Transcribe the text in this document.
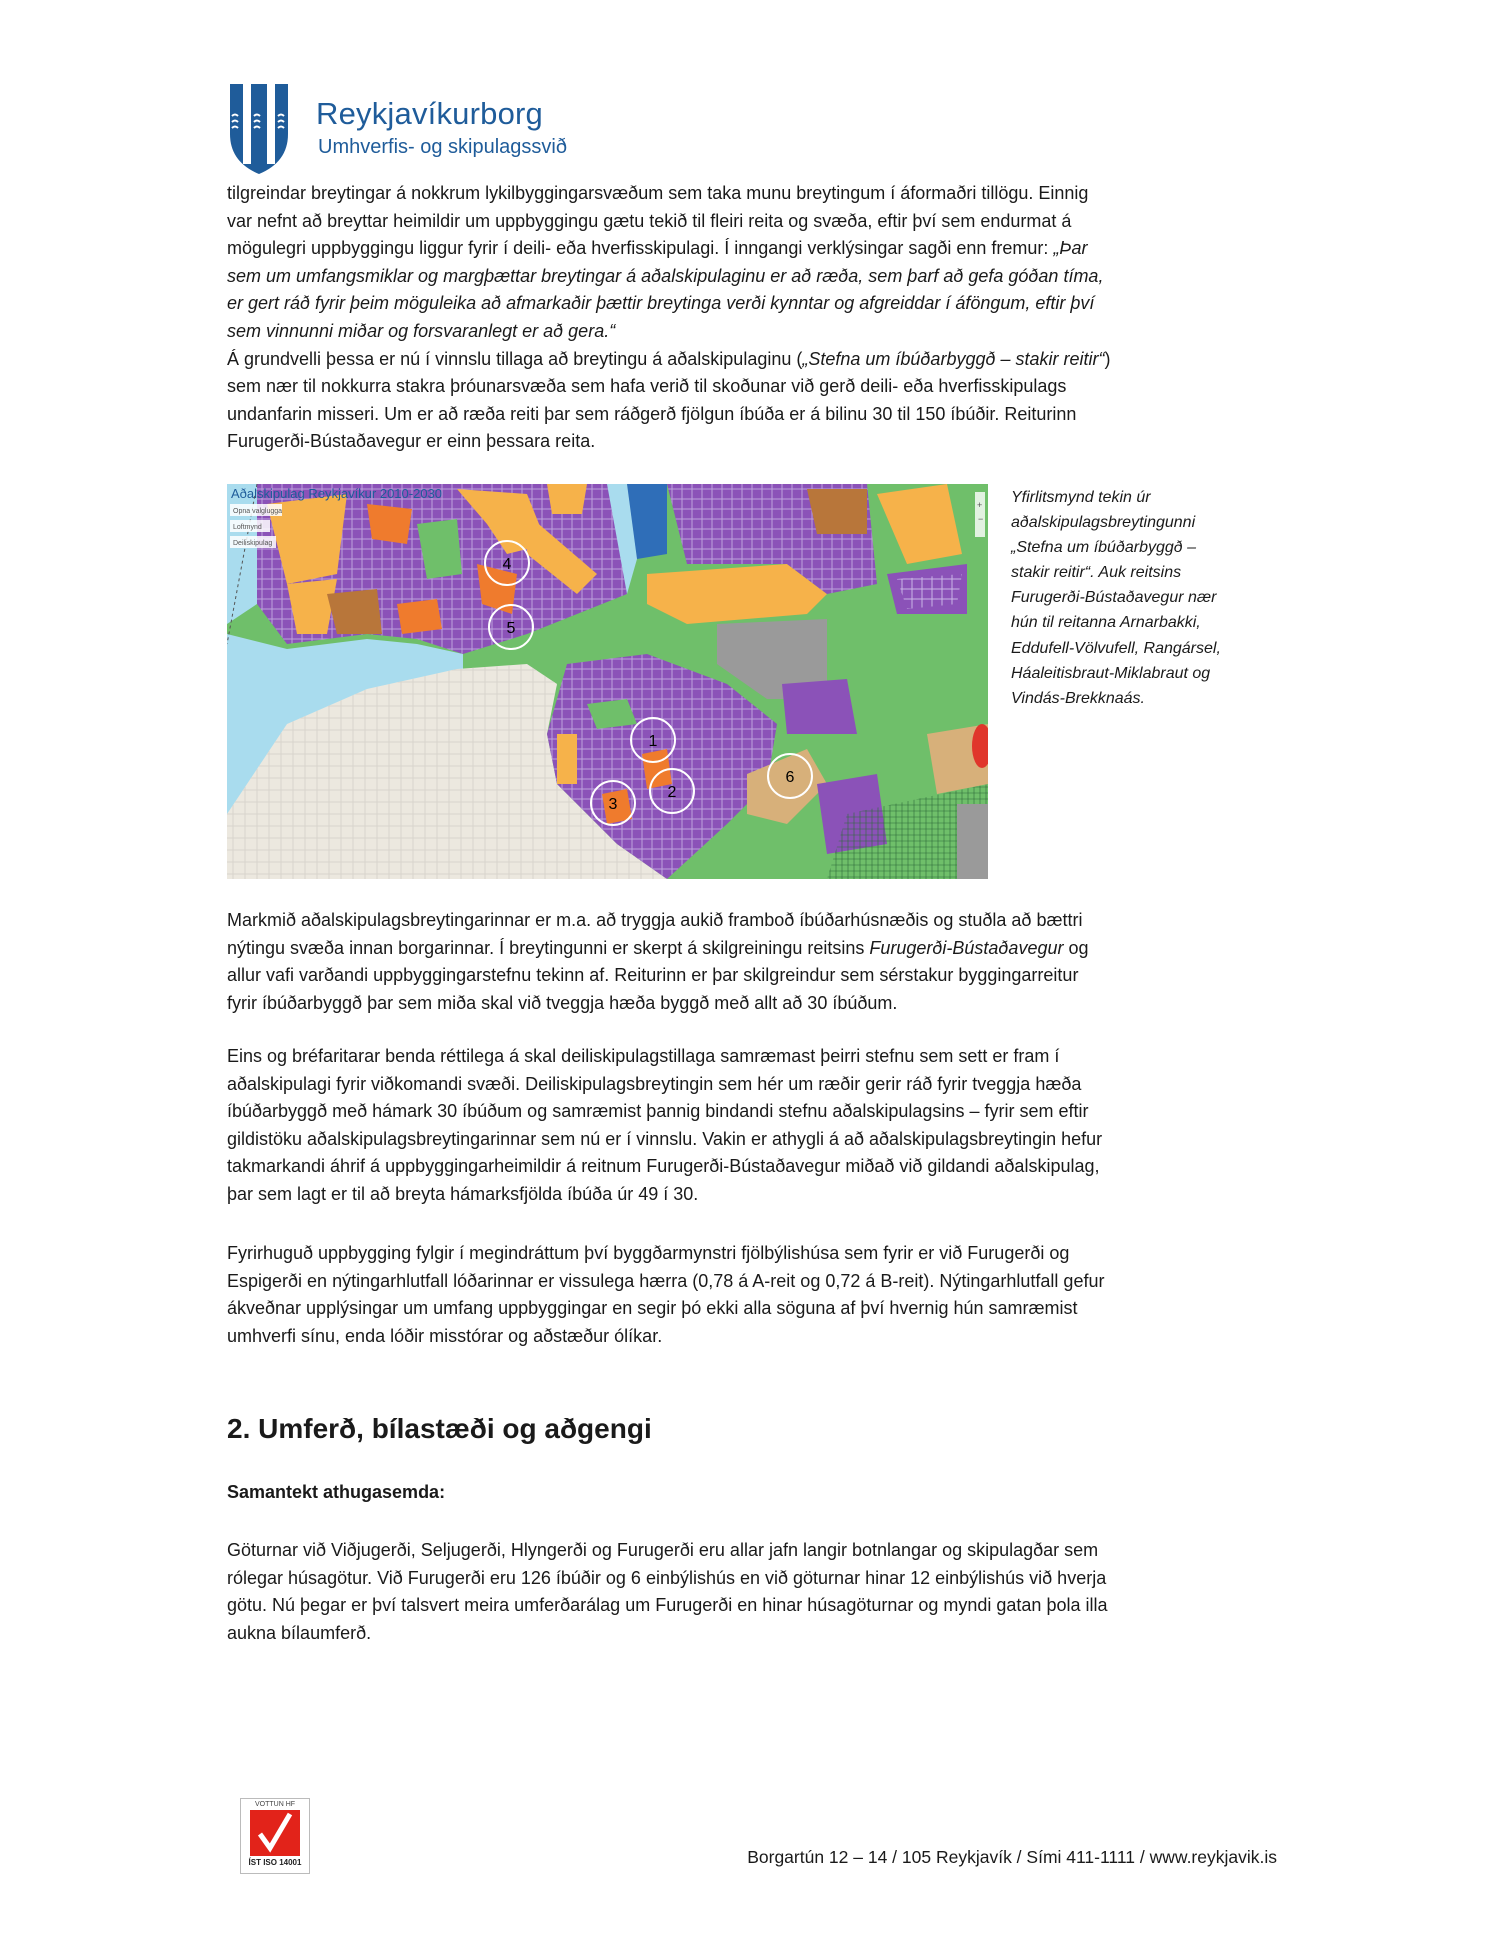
Reykjavíkurborg
Umhverfis- og skipulagssvið
tilgreindar breytingar á nokkrum lykilbyggingarsvæðum sem taka munu breytingum í áformaðri tillögu. Einnig
var nefnt að breyttar heimildir um uppbyggingu gætu tekið til fleiri reita og svæða, eftir því sem endurmat á
mögulegri uppbyggingu liggur fyrir í deili- eða hverfisskipulagi. Í inngangi verklýsingar sagði enn fremur: „Þar
sem um umfangsmiklar og margþættar breytingar á aðalskipulaginu er að ræða, sem þarf að gefa góðan tíma,
er gert ráð fyrir þeim möguleika að afmarkaðir þættir breytinga verði kynntar og afgreiddar í áföngum, eftir því
sem vinnunni miðar og forsvaranlegt er að gera.“
Á grundvelli þessa er nú í vinnslu tillaga að breytingu á aðalskipulaginu („Stefna um íbúðarbyggð – stakir reitir“)
sem nær til nokkurra stakra þróunarsvæða sem hafa verið til skoðunar við gerð deili- eða hverfisskipulags
undanfarin misseri. Um er að ræða reiti þar sem ráðgerð fjölgun íbúða er á bilinu 30 til 150 íbúðir. Reiturinn
Furugerði-Bústaðavegur er einn þessara reita.
4
5
1
2
3
6
Aðalskipulag Reykjavíkur 2010-2030
Opna valglugga
Loftmynd
Deiliskipulag
+
−
Yfirlitsmynd tekin úr
aðalskipulagsbreytingunni
„Stefna um íbúðarbyggð –
stakir reitir“. Auk reitsins
Furugerði-Bústaðavegur nær
hún til reitanna Arnarbakki,
Eddufell-Völvufell, Rangársel,
Háaleitisbraut-Miklabraut og
Vindás-Brekknaás.
Markmið aðalskipulagsbreytingarinnar er m.a. að tryggja aukið framboð íbúðarhúsnæðis og stuðla að bættri
nýtingu svæða innan borgarinnar. Í breytingunni er skerpt á skilgreiningu reitsins Furugerði-Bústaðavegur og
allur vafi varðandi uppbyggingarstefnu tekinn af. Reiturinn er þar skilgreindur sem sérstakur byggingarreitur
fyrir íbúðarbyggð þar sem miða skal við tveggja hæða byggð með allt að 30 íbúðum.
Eins og bréfaritarar benda réttilega á skal deiliskipulagstillaga samræmast þeirri stefnu sem sett er fram í
aðalskipulagi fyrir viðkomandi svæði. Deiliskipulagsbreytingin sem hér um ræðir gerir ráð fyrir tveggja hæða
íbúðarbyggð með hámark 30 íbúðum og samræmist þannig bindandi stefnu aðalskipulagsins – fyrir sem eftir
gildistöku aðalskipulagsbreytingarinnar sem nú er í vinnslu. Vakin er athygli á að aðalskipulagsbreytingin hefur
takmarkandi áhrif á uppbyggingarheimildir á reitnum Furugerði-Bústaðavegur miðað við gildandi aðalskipulag,
þar sem lagt er til að breyta hámarksfjölda íbúða úr 49 í 30.
Fyrirhuguð uppbygging fylgir í megindráttum því byggðarmynstri fjölbýlishúsa sem fyrir er við Furugerði og
Espigerði en nýtingarhlutfall lóðarinnar er vissulega hærra (0,78 á A-reit og 0,72 á B-reit). Nýtingarhlutfall gefur
ákveðnar upplýsingar um umfang uppbyggingar en segir þó ekki alla söguna af því hvernig hún samræmist
umhverfi sínu, enda lóðir misstórar og aðstæður ólíkar.
2. Umferð, bílastæði og aðgengi
Samantekt athugasemda:
Göturnar við Viðjugerði, Seljugerði, Hlyngerði og Furugerði eru allar jafn langir botnlangar og skipulagðar sem
rólegar húsagötur. Við Furugerði eru 126 íbúðir og 6 einbýlishús en við göturnar hinar 12 einbýlishús við hverja
götu. Nú þegar er því talsvert meira umferðarálag um Furugerði en hinar húsagöturnar og myndi gatan þola illa
aukna bílaumferð.
VOTTUN HF
ÍST ISO 14001	Borgartún 12 – 14 / 105 Reykjavík / Sími 411-1111 / www.reykjavik.is
